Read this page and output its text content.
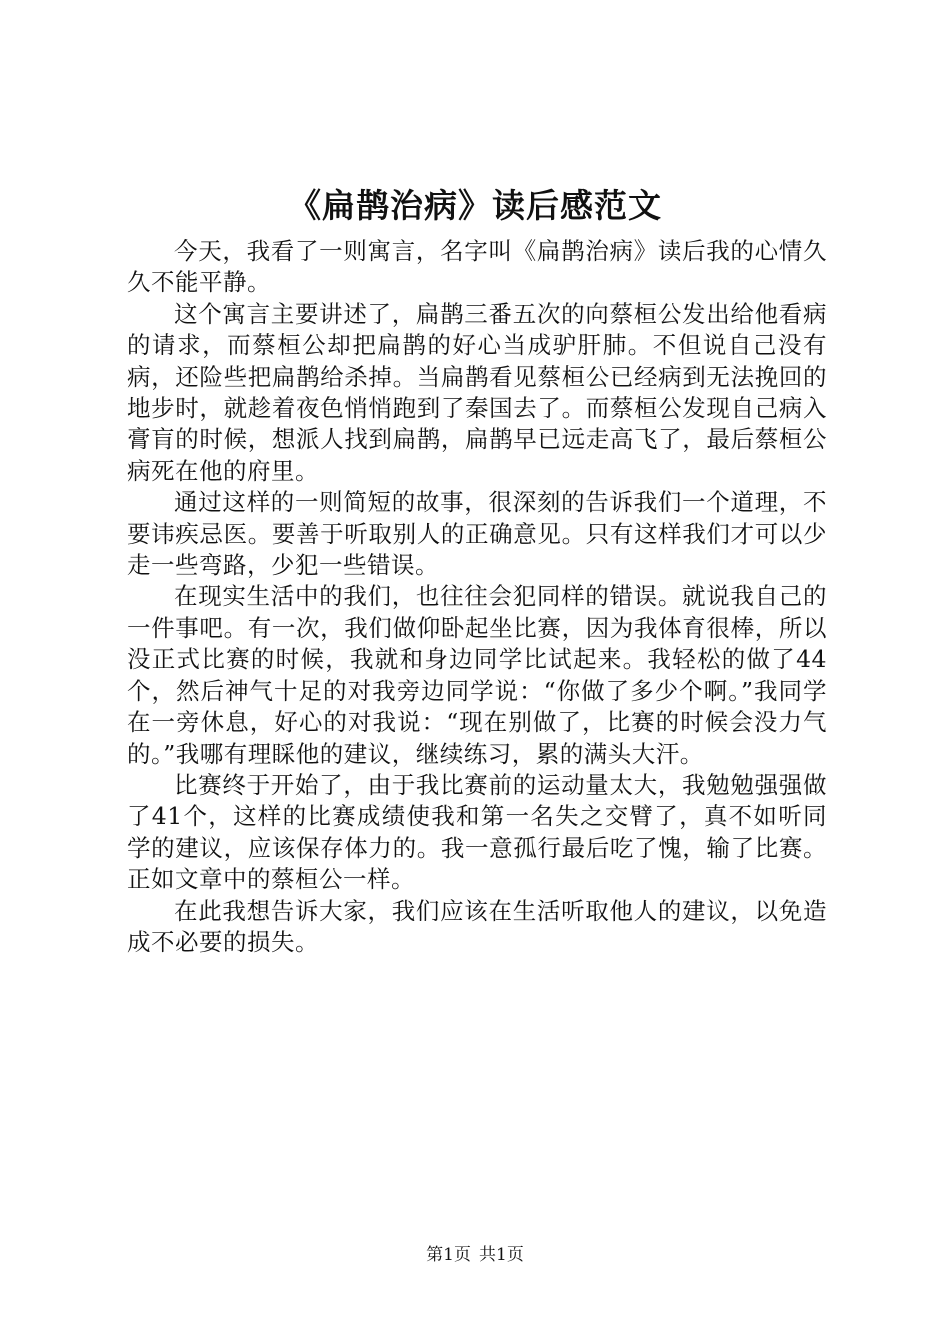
《扁鹊治病》读后感范文

今天，我看了一则寓言，名字叫《扁鹊治病》读后我的心情久久不能平静。

这个寓言主要讲述了，扁鹊三番五次的向蔡桓公发出给他看病的请求，而蔡桓公却把扁鹊的好心当成驴肝肺。不但说自己没有病，还险些把扁鹊给杀掉。当扁鹊看见蔡桓公已经病到无法挽回的地步时，就趁着夜色悄悄跑到了秦国去了。而蔡桓公发现自己病入膏肓的时候，想派人找到扁鹊，扁鹊早已远走高飞了，最后蔡桓公病死在他的府里。

通过这样的一则简短的故事，很深刻的告诉我们一个道理，不要讳疾忌医。要善于听取别人的正确意见。只有这样我们才可以少走一些弯路，少犯一些错误。

在现实生活中的我们，也往往会犯同样的错误。就说我自己的一件事吧。有一次，我们做仰卧起坐比赛，因为我体育很棒，所以没正式比赛的时候，我就和身边同学比试起来。我轻松的做了44个，然后神气十足的对我旁边同学说：“你做了多少个啊。”我同学在一旁休息，好心的对我说：“现在别做了，比赛的时候会没力气的。”我哪有理睬他的建议，继续练习，累的满头大汗。

比赛终于开始了，由于我比赛前的运动量太大，我勉勉强强做了41个，这样的比赛成绩使我和第一名失之交臂了，真不如听同学的建议，应该保存体力的。我一意孤行最后吃了愧，输了比赛。正如文章中的蔡桓公一样。

在此我想告诉大家，我们应该在生活听取他人的建议，以免造成不必要的损失。

第1页 共1页
